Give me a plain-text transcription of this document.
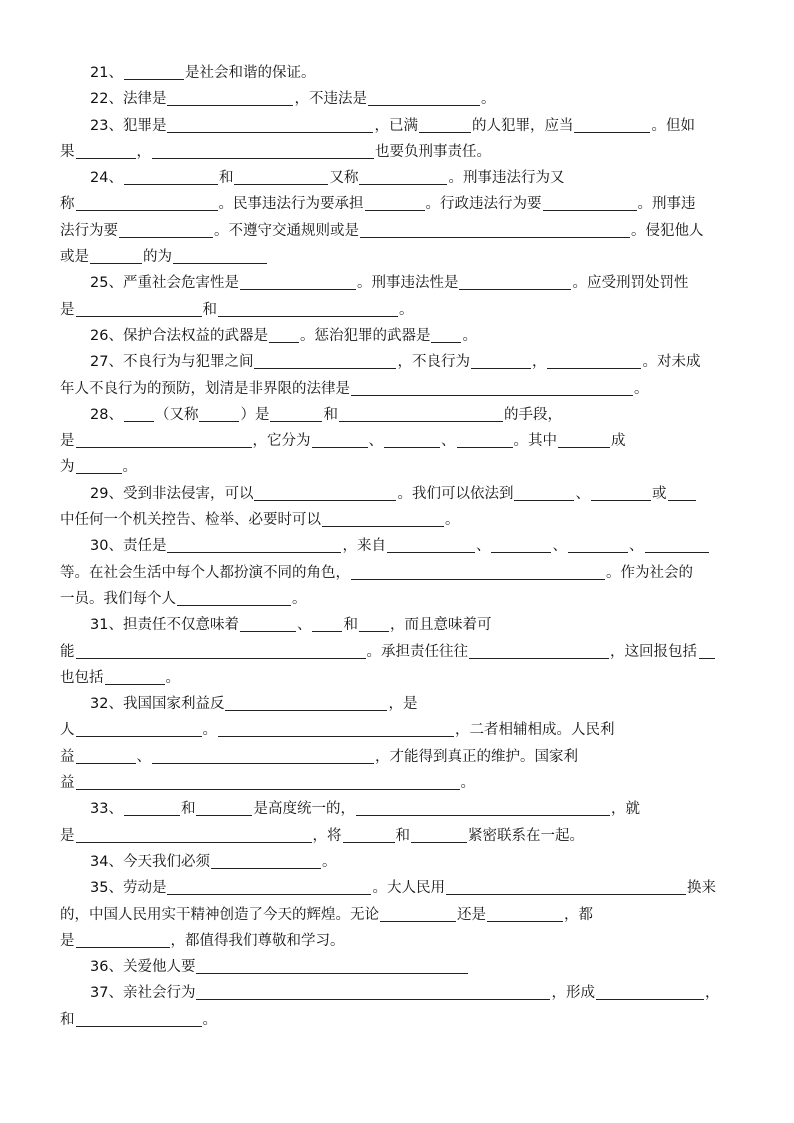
21、	是社会和谐的保证。
22、法律是	，不违法是	。
23、犯罪是	，已满	的人犯罪，应当	。但如
果	，	也要负刑事责任。
24、	和	又称	。刑事违法行为又
称	。民事违法行为要承担	。行政违法行为要	。刑事违
法行为要	。不遵守交通规则或是	。侵犯他人
或是	的为
25、严重社会危害性是	。刑事违法性是	。应受刑罚处罚性
是	和	。
26、保护合法权益的武器是 。惩治犯罪的武器是 。
27、不良行为与犯罪之间	，不良行为	，	。对未成
年人不良行为的预防，划清是非界限的法律是	。
28、 （又称	）是	和	的手段，
是	，它分为	、	、	。其中	成
为	。
29、受到非法侵害，可以	。我们可以依法到	、	或
中任何一个机关控告、检举、必要时可以	。
30、责任是	，来自	、	、	、
等。在社会生活中每个人都扮演不同的角色，	。作为社会的
一员。我们每个人	。
31、担责任不仅意味着	、 和 ，而且意味着可
能	。承担责任往往	，这回报包括
也包括	。
32、我国国家利益反	，是
人	。	，二者相辅相成。人民利
益	、	，才能得到真正的维护。国家利
益	。
33、	和	是高度统一的，	，就
是	，将	和	紧密联系在一起。
34、今天我们必须	。
35、劳动是	。大人民用	换来
的，中国人民用实干精神创造了今天的辉煌。无论	还是	，都
是	，都值得我们尊敬和学习。
36、关爱他人要
37、亲社会行为	，形成	，
和	。
